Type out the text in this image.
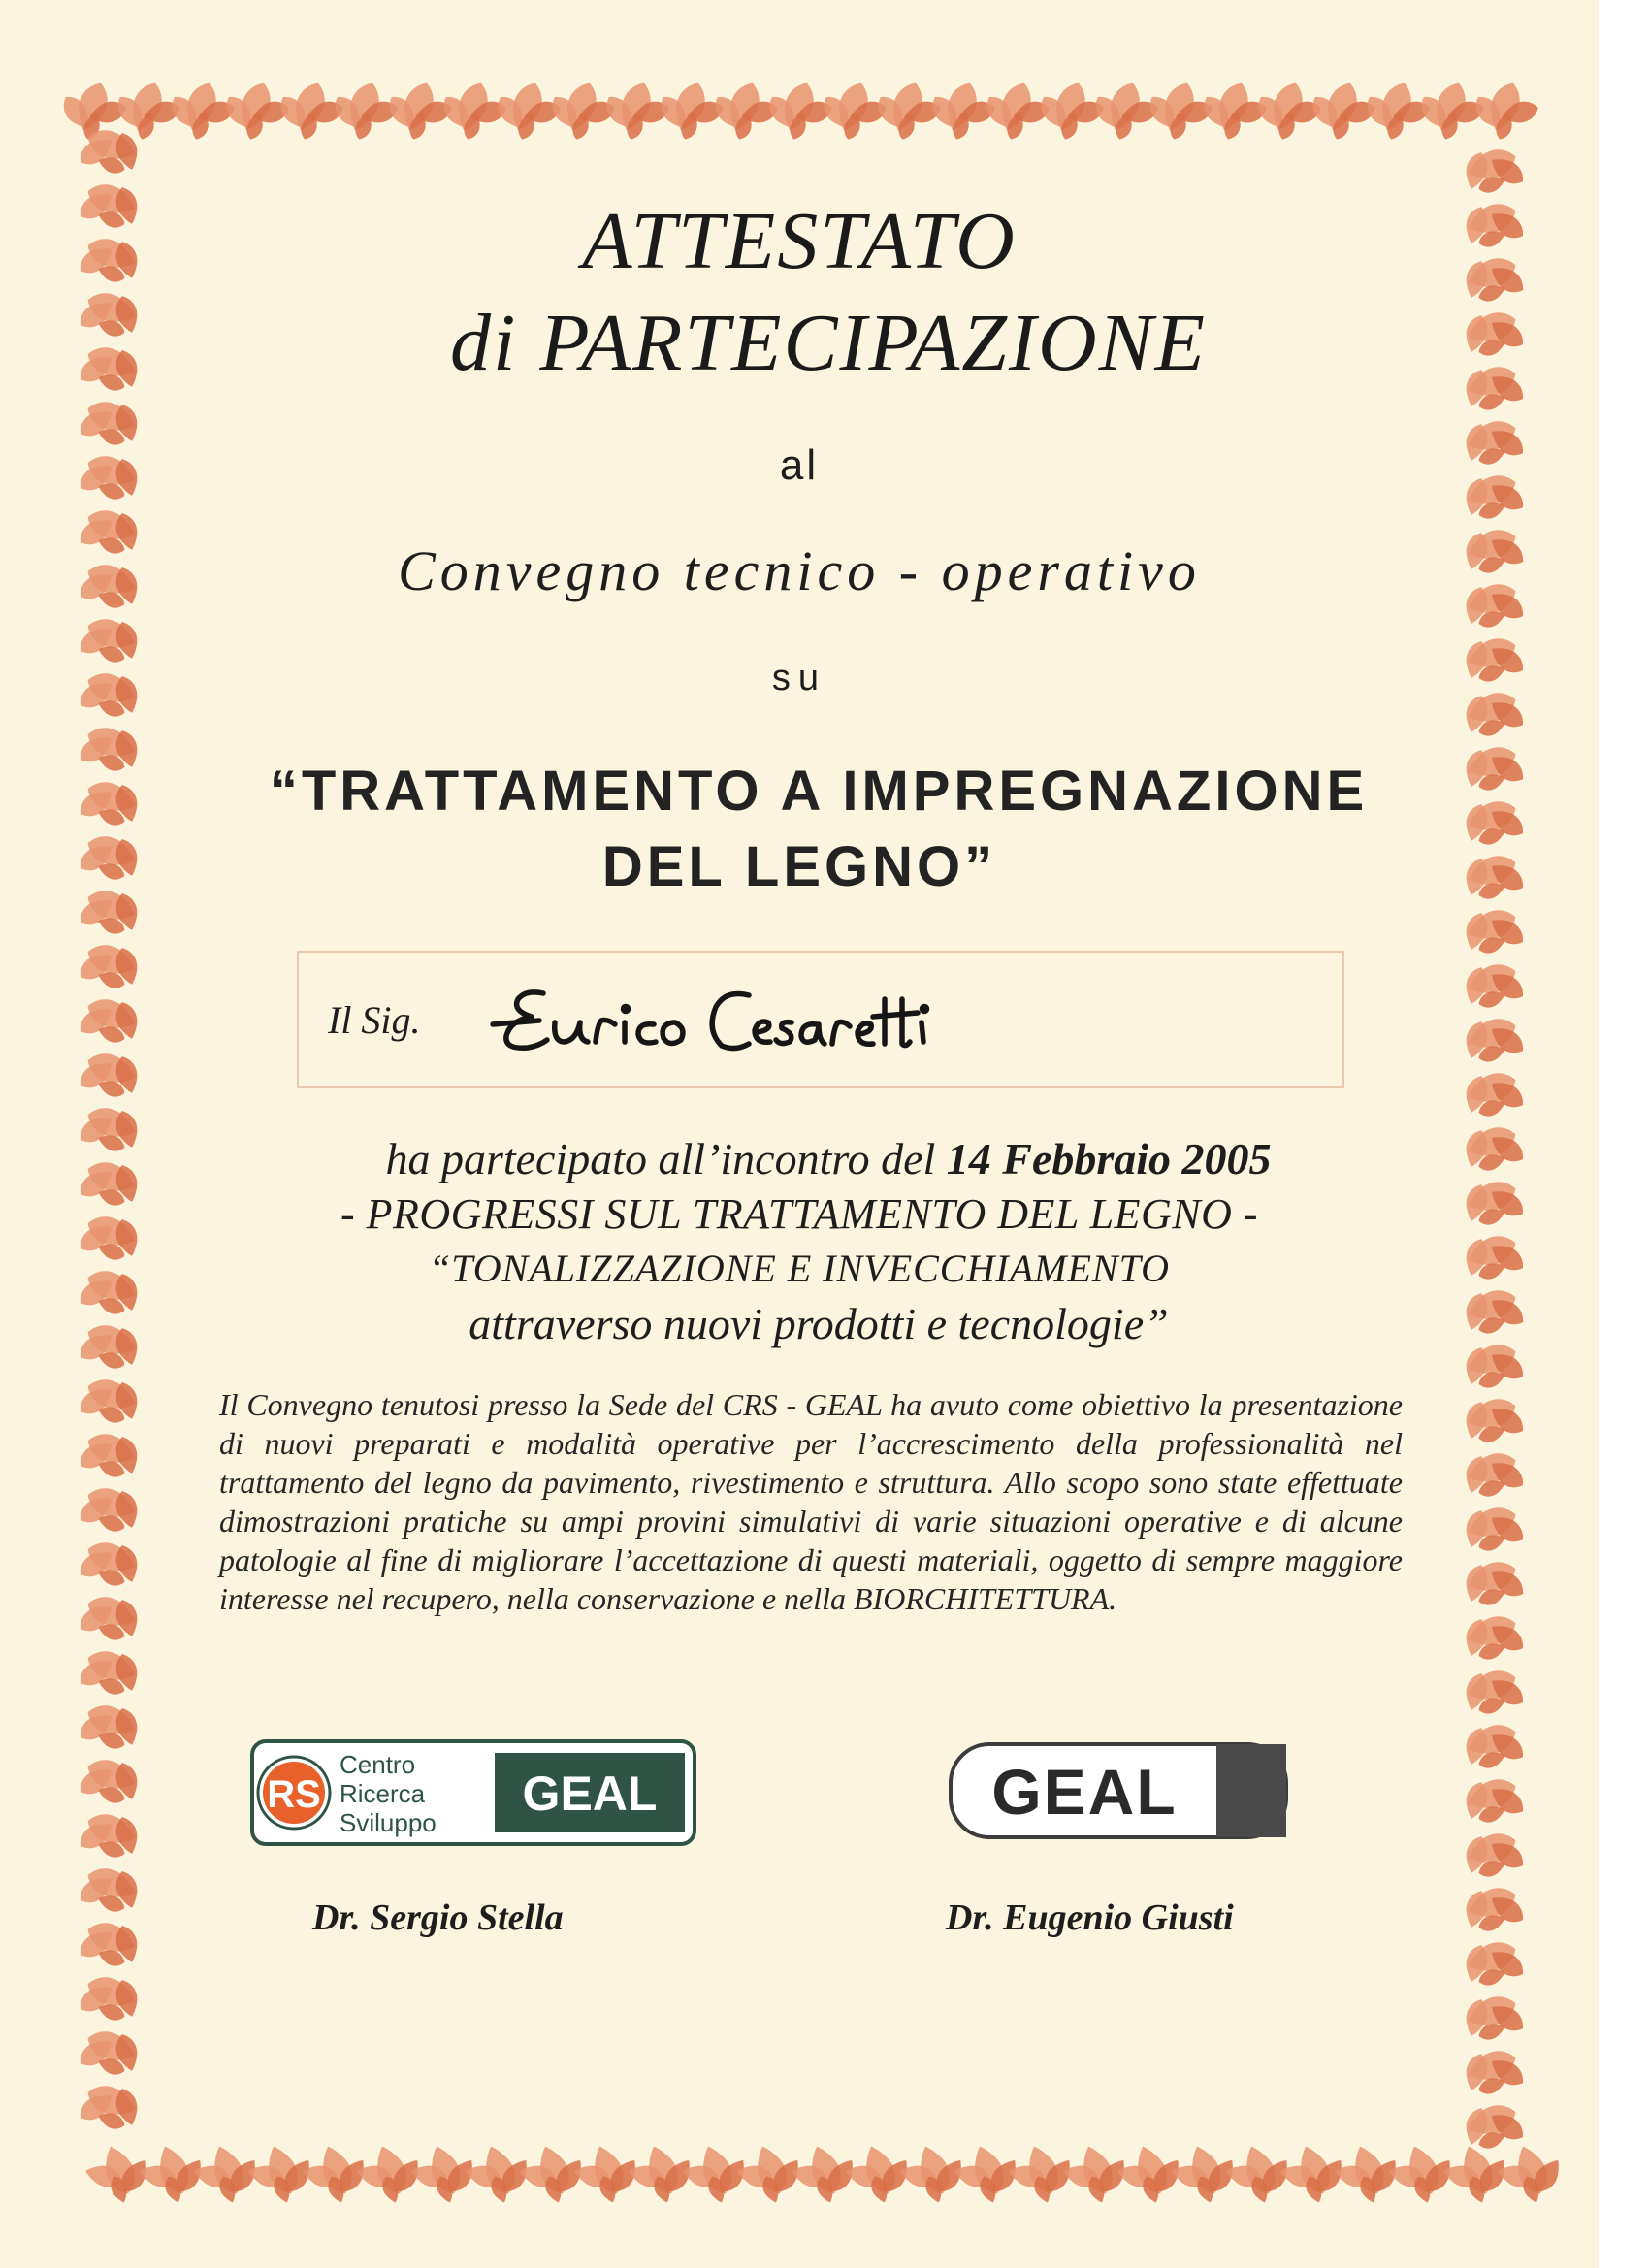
ATTESTATO
di PARTECIPAZIONE
al
Convegno tecnico - operativo
su
“TRATTAMENTO A IMPREGNAZIONE
DEL LEGNO”
Il Sig.
ha partecipato all’incontro del 14 Febbraio 2005
- PROGRESSI SUL TRATTAMENTO DEL LEGNO -
“TONALIZZAZIONE E INVECCHIAMENTO
attraverso nuovi prodotti e tecnologie”
Il Convegno tenutosi presso la Sede del CRS - GEAL ha avuto come obiettivo la presentazione di nuovi preparati e modalità operative per l’accrescimento della professionalità nel trattamento del legno da pavimento, rivestimento e struttura. Allo scopo sono state effettuate dimostrazioni pratiche su ampi provini simulativi di varie situazioni operative e di alcune patologie al fine di migliorare l’accettazione di questi materiali, oggetto di sempre maggiore interesse nel recupero, nella conservazione e nella BIORCHITETTURA.
RS
Centro
Ricerca
Sviluppo
GEAL	GEAL
Dr. Sergio Stella	Dr. Eugenio Giusti
